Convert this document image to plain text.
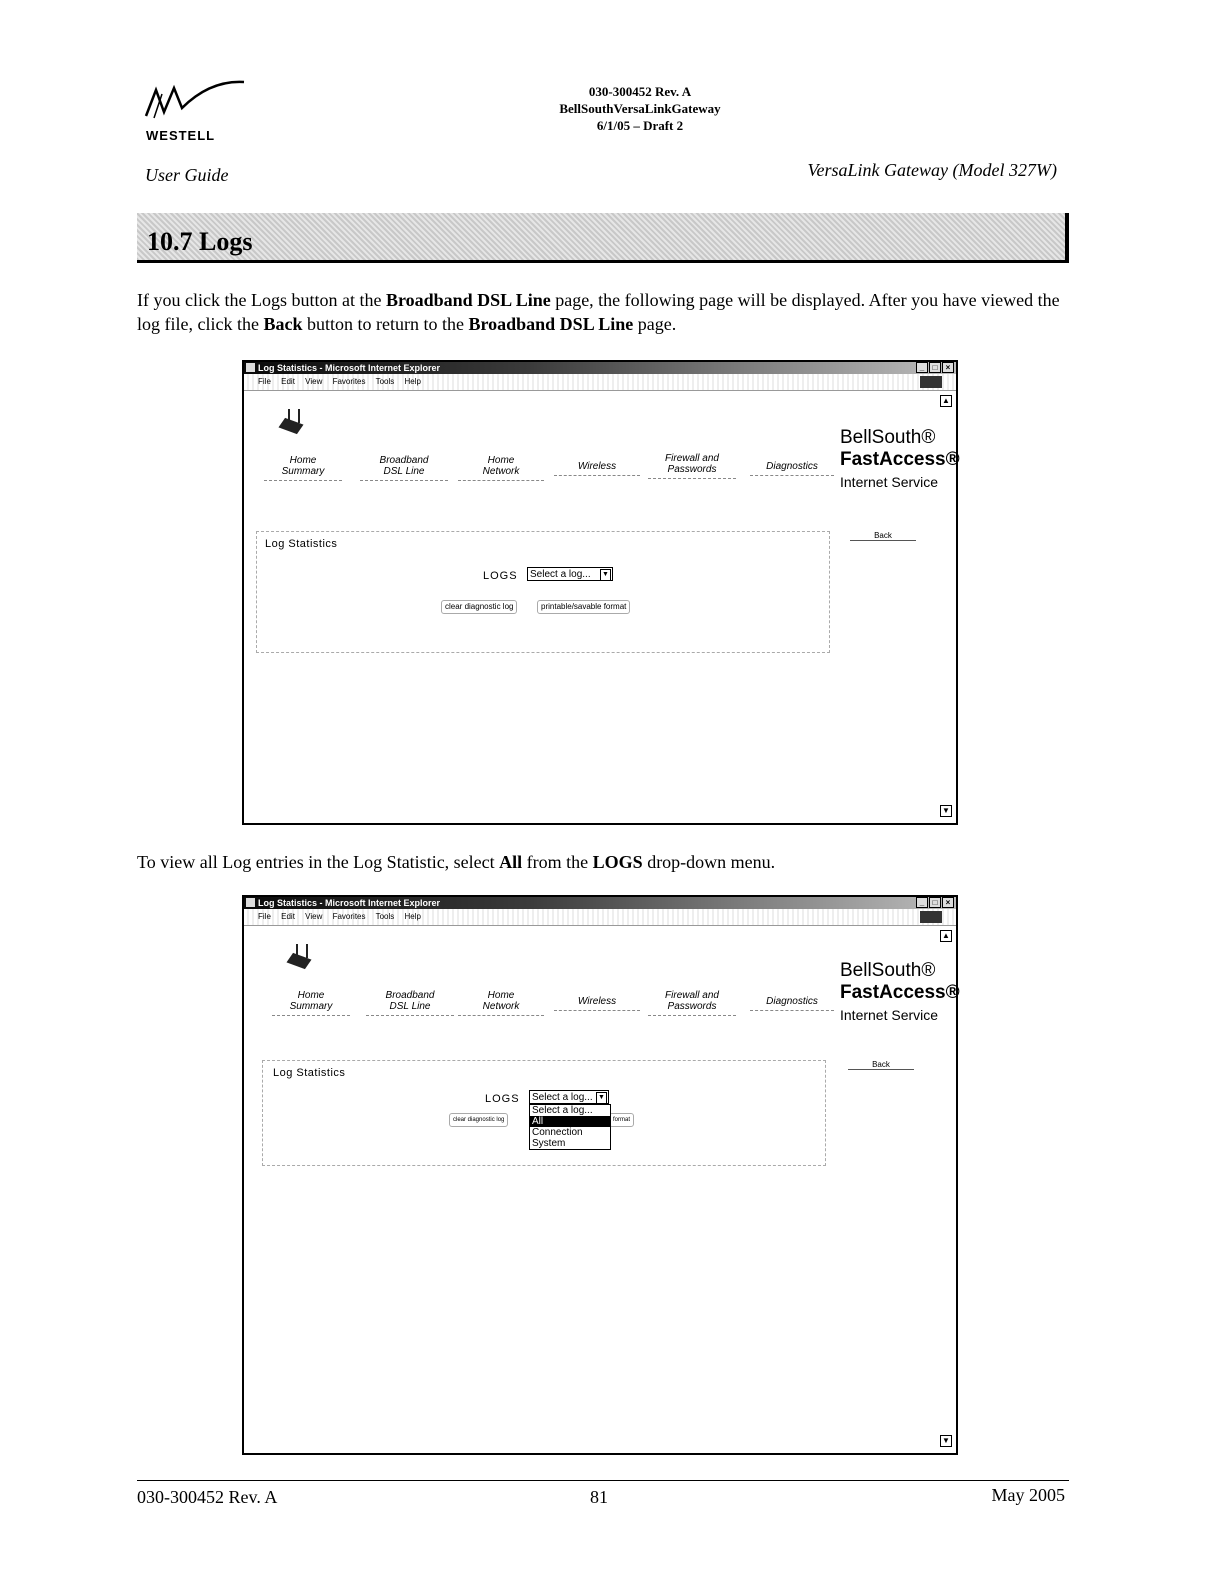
WESTELL
030-300452 Rev. A
BellSouthVersaLinkGateway
6/1/05 – Draft 2
User Guide	VersaLink Gateway (Model 327W)
10.7 Logs
If you click the Logs button at the Broadband DSL Line page, the following page will be displayed. After you have viewed the log file, click the Back button to return to the Broadband DSL Line page.
Log Statistics - Microsoft Internet Explorer	_	□	×
File Edit View Favorites Tools Help
▲
▼
Home
Summary
Broadband
DSL Line
Home
Network	Wireless
Firewall and
Passwords	Diagnostics
BellSouth®
FastAccess®
Internet Service
Back
Log Statistics
LOGS	Select a log... ▼
clear diagnostic log	printable/savable format
To view all Log entries in the Log Statistic, select All from the LOGS drop-down menu.
Log Statistics - Microsoft Internet Explorer	_	□	×
File Edit View Favorites Tools Help
▲
▼
Home
Summary
Broadband
DSL Line
Home
Network	Wireless
Firewall and
Passwords	Diagnostics
BellSouth®
FastAccess®
Internet Service
Back
Log Statistics
LOGS	Select a log... ▼
clear diagnostic log	format
Select a log...
All
Connection
System
030-300452 Rev. A	81	May 2005
